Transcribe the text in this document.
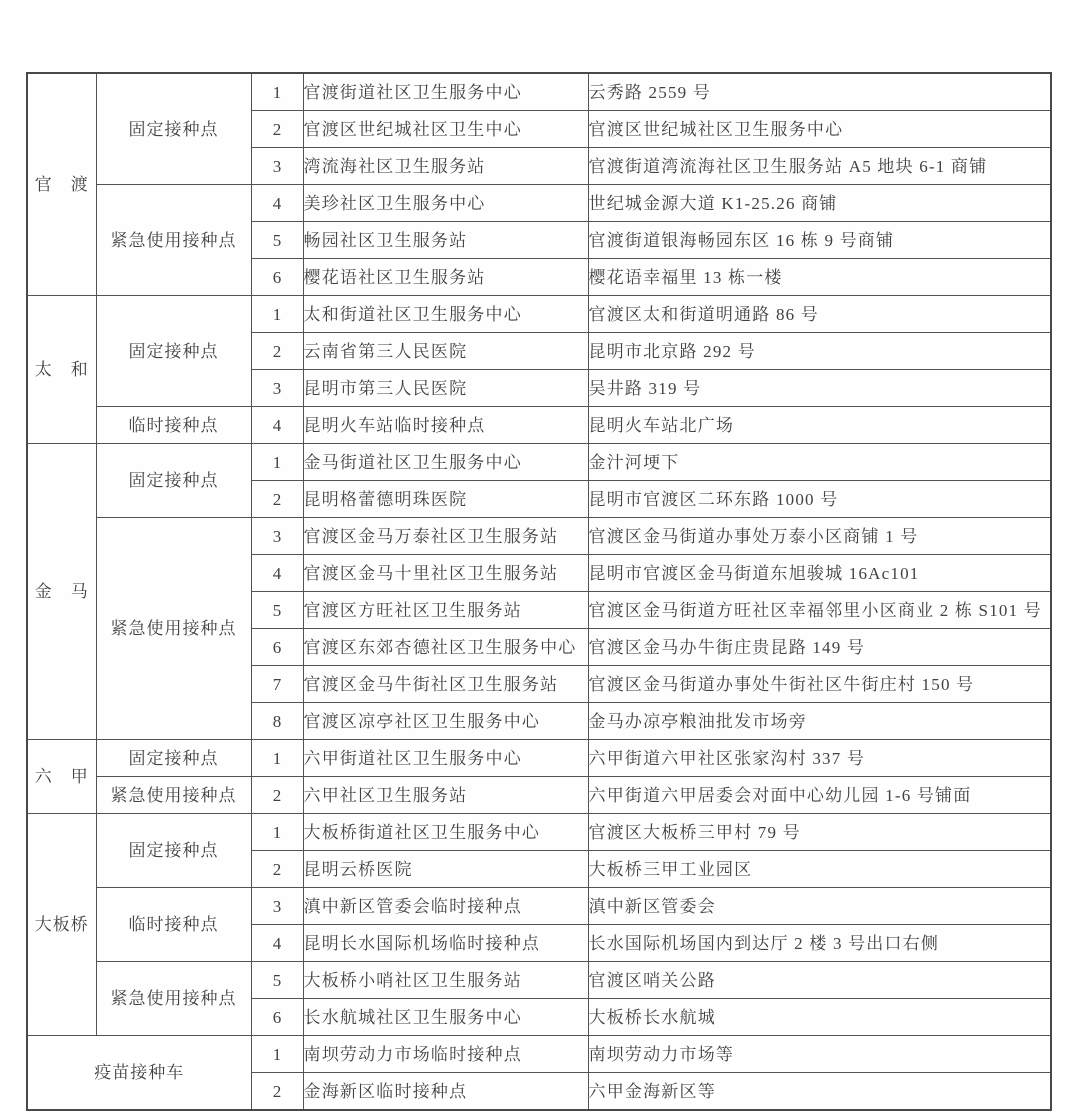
官　渡	固定接种点	1	官渡街道社区卫生服务中心	云秀路 2559 号
		2	官渡区世纪城社区卫生中心	官渡区世纪城社区卫生服务中心
		3	湾流海社区卫生服务站	官渡街道湾流海社区卫生服务站 A5 地块 6-1 商铺
	紧急使用接种点	4	美珍社区卫生服务中心	世纪城金源大道 K1-25.26 商铺
		5	畅园社区卫生服务站	官渡街道银海畅园东区 16 栋 9 号商铺
		6	樱花语社区卫生服务站	樱花语幸福里 13 栋一楼
太　和	固定接种点	1	太和街道社区卫生服务中心	官渡区太和街道明通路 86 号
		2	云南省第三人民医院	昆明市北京路 292 号
		3	昆明市第三人民医院	吴井路 319 号
	临时接种点	4	昆明火车站临时接种点	昆明火车站北广场
金　马	固定接种点	1	金马街道社区卫生服务中心	金汁河埂下
		2	昆明格蕾德明珠医院	昆明市官渡区二环东路 1000 号
	紧急使用接种点	3	官渡区金马万泰社区卫生服务站	官渡区金马街道办事处万泰小区商铺 1 号
		4	官渡区金马十里社区卫生服务站	昆明市官渡区金马街道东旭骏城 16Ac101
		5	官渡区方旺社区卫生服务站	官渡区金马街道方旺社区幸福邻里小区商业 2 栋 S101 号
		6	官渡区东郊杏德社区卫生服务中心	官渡区金马办牛街庄贵昆路 149 号
		7	官渡区金马牛街社区卫生服务站	官渡区金马街道办事处牛街社区牛街庄村 150 号
		8	官渡区凉亭社区卫生服务中心	金马办凉亭粮油批发市场旁
六　甲	固定接种点	1	六甲街道社区卫生服务中心	六甲街道六甲社区张家沟村 337 号
	紧急使用接种点	2	六甲社区卫生服务站	六甲街道六甲居委会对面中心幼儿园 1-6 号铺面
大板桥	固定接种点	1	大板桥街道社区卫生服务中心	官渡区大板桥三甲村 79 号
		2	昆明云桥医院	大板桥三甲工业园区
	临时接种点	3	滇中新区管委会临时接种点	滇中新区管委会
		4	昆明长水国际机场临时接种点	长水国际机场国内到达厅 2 楼 3 号出口右侧
	紧急使用接种点	5	大板桥小哨社区卫生服务站	官渡区哨关公路
		6	长水航城社区卫生服务中心	大板桥长水航城
疫苗接种车		1	南坝劳动力市场临时接种点	南坝劳动力市场等
		2	金海新区临时接种点	六甲金海新区等
